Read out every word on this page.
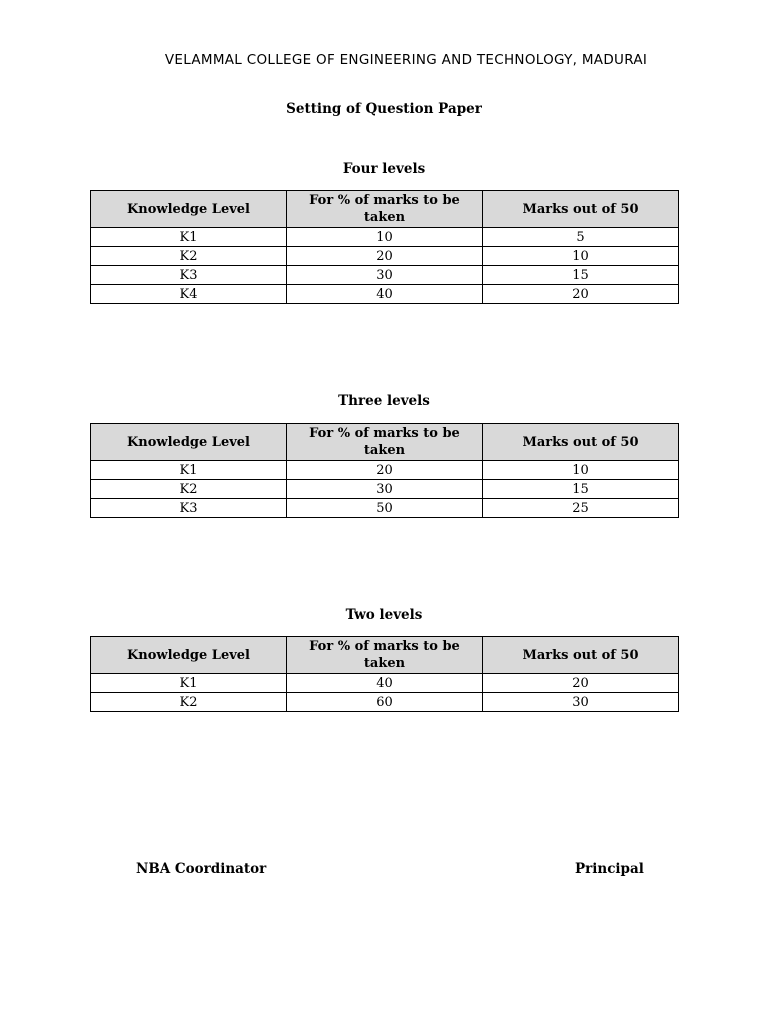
VELAMMAL COLLEGE OF ENGINEERING AND TECHNOLOGY, MADURAI
Setting of Question Paper
Four levels
Knowledge Level	For % of marks to be taken	Marks out of 50
K1	10	5
K2	20	10
K3	30	15
K4	40	20
Three levels
Knowledge Level	For % of marks to be taken	Marks out of 50
K1	20	10
K2	30	15
K3	50	25
Two levels
Knowledge Level	For % of marks to be taken	Marks out of 50
K1	40	20
K2	60	30
NBA Coordinator	Principal
